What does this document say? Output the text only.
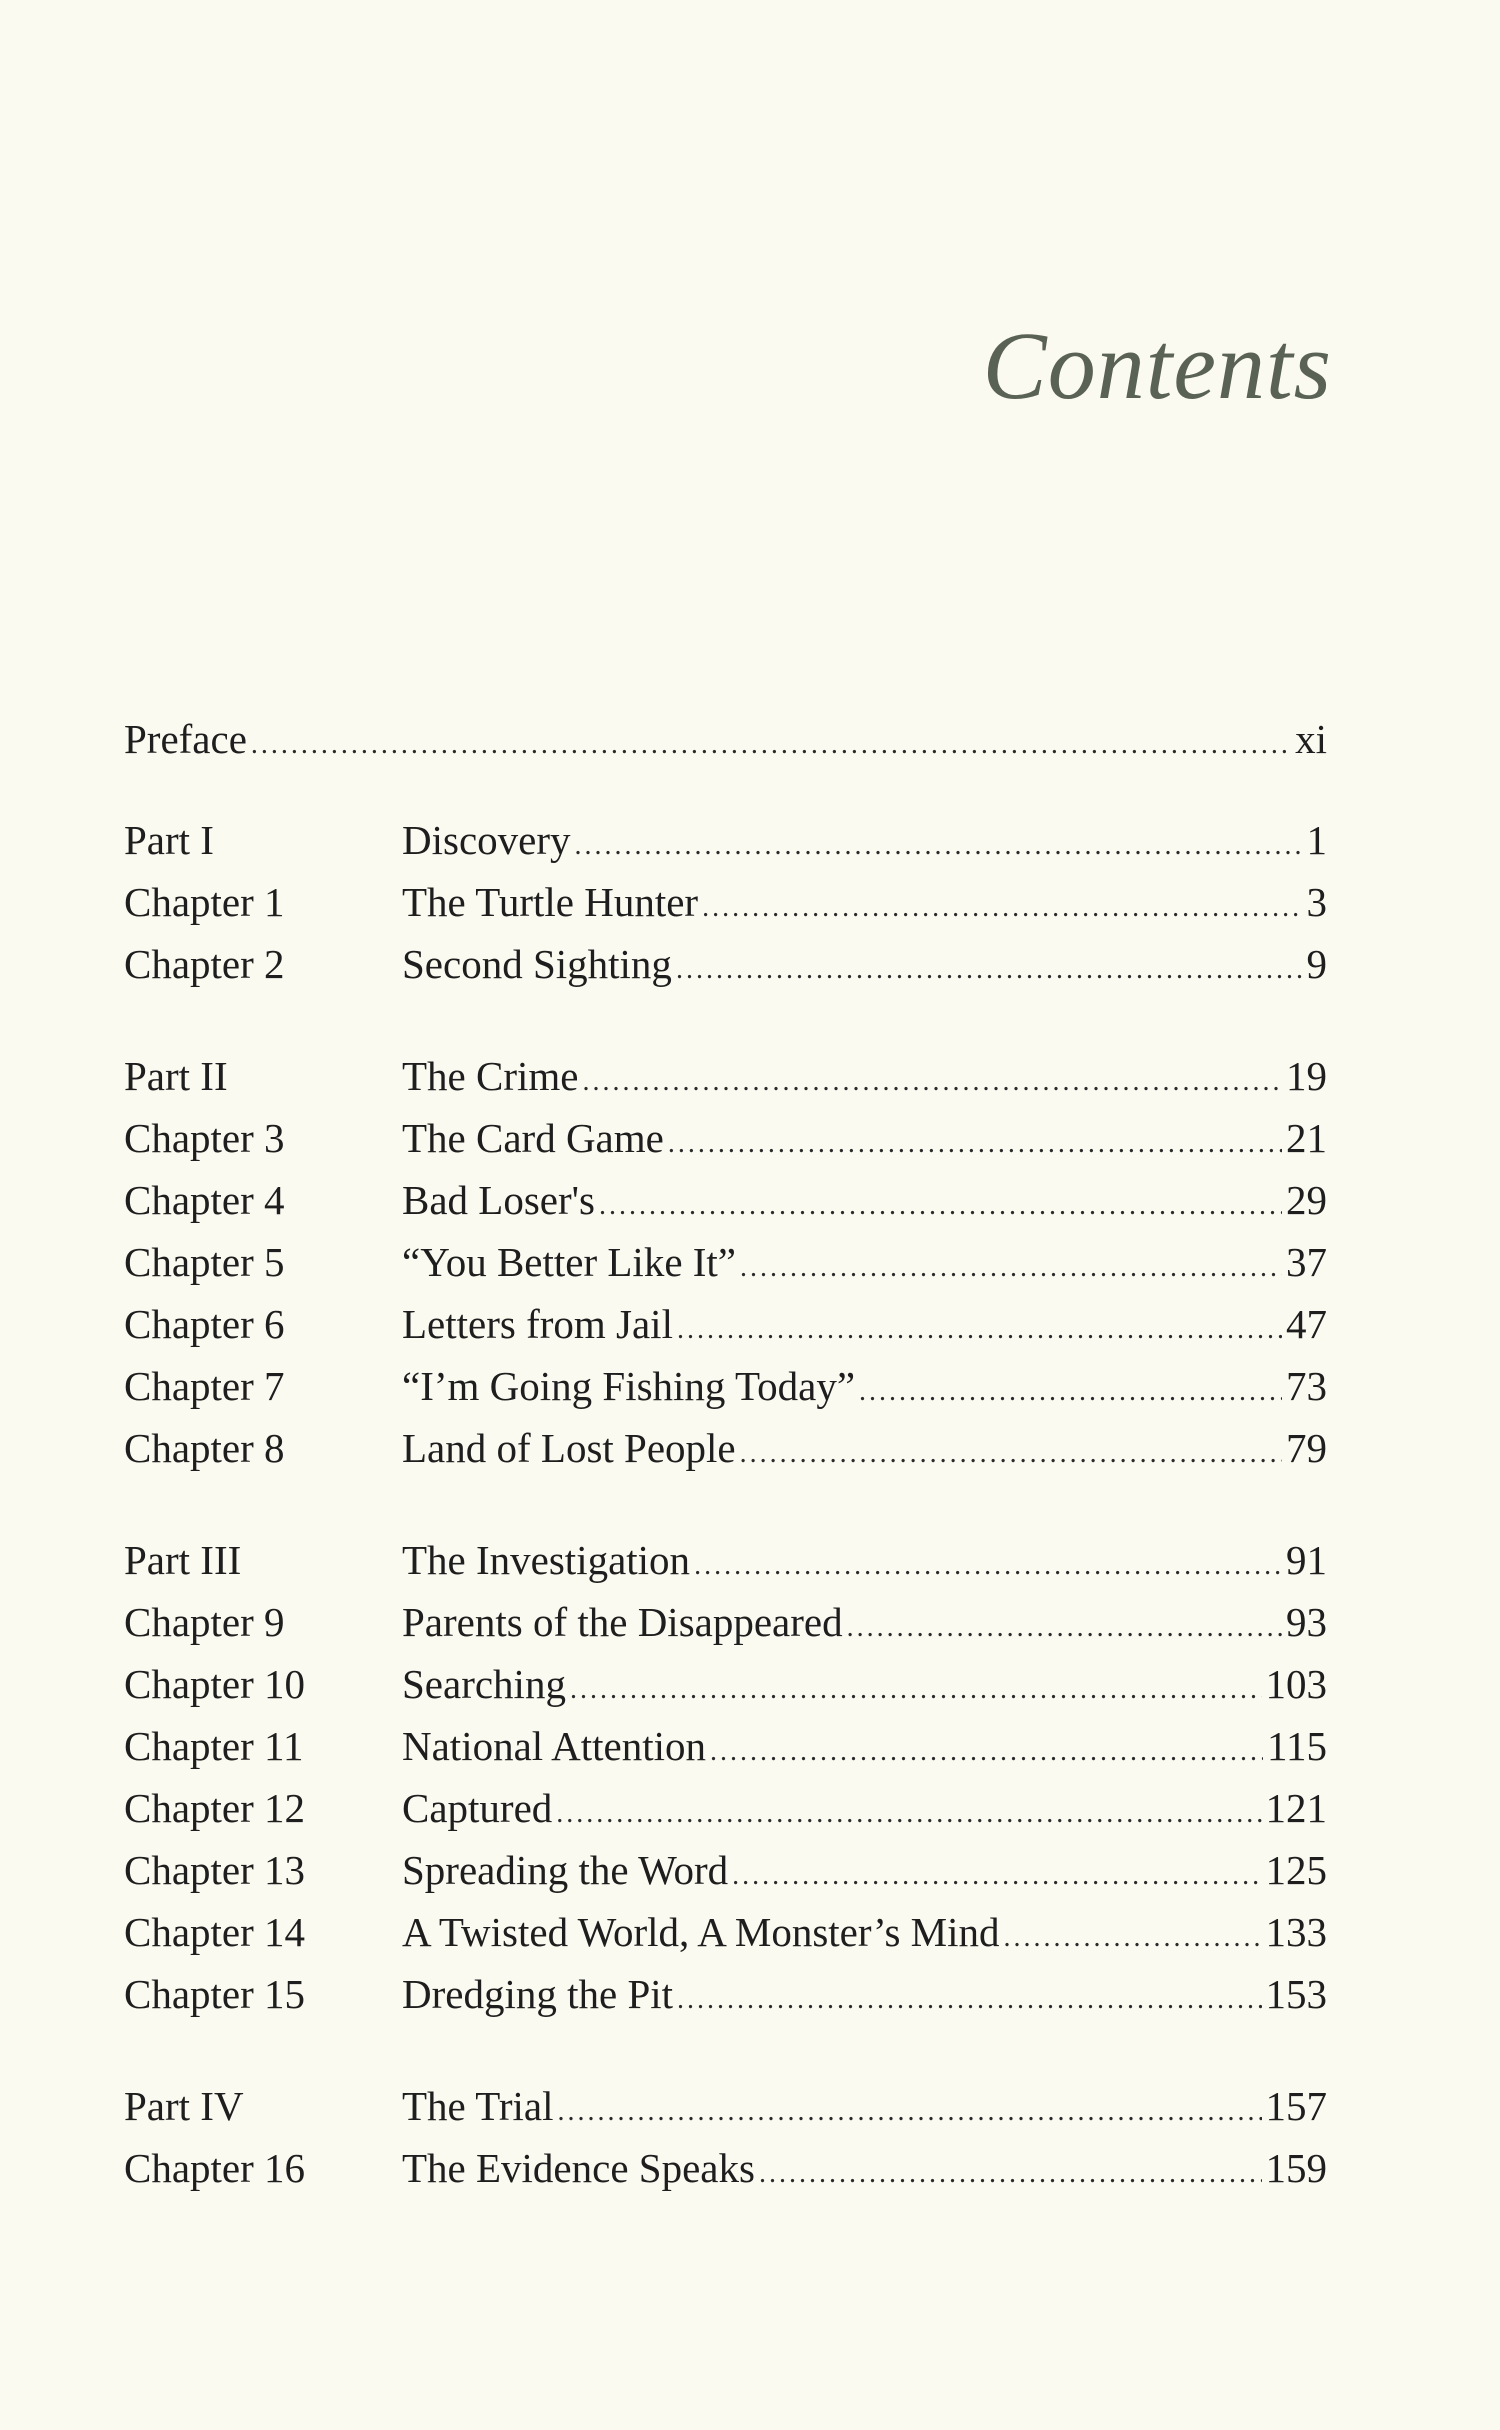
Contents
Preface .....	xi
Part I	Discovery .....	1
Chapter 1	The Turtle Hunter .....	3
Chapter 2	Second Sighting .....	9
Part II	The Crime .....	19
Chapter 3	The Card Game .....	21
Chapter 4	Bad Loser's .....	29
Chapter 5	“You Better Like It” .....	37
Chapter 6	Letters from Jail .....	47
Chapter 7	“I’m Going Fishing Today” .....	73
Chapter 8	Land of Lost People .....	79
Part III	The Investigation .....	91
Chapter 9	Parents of the Disappeared .....	93
Chapter 10	Searching .....	103
Chapter 11	National Attention .....	115
Chapter 12	Captured .....	121
Chapter 13	Spreading the Word .....	125
Chapter 14	A Twisted World, A Monster’s Mind .....	133
Chapter 15	Dredging the Pit .....	153
Part IV	The Trial .....	157
Chapter 16	The Evidence Speaks .....	159
